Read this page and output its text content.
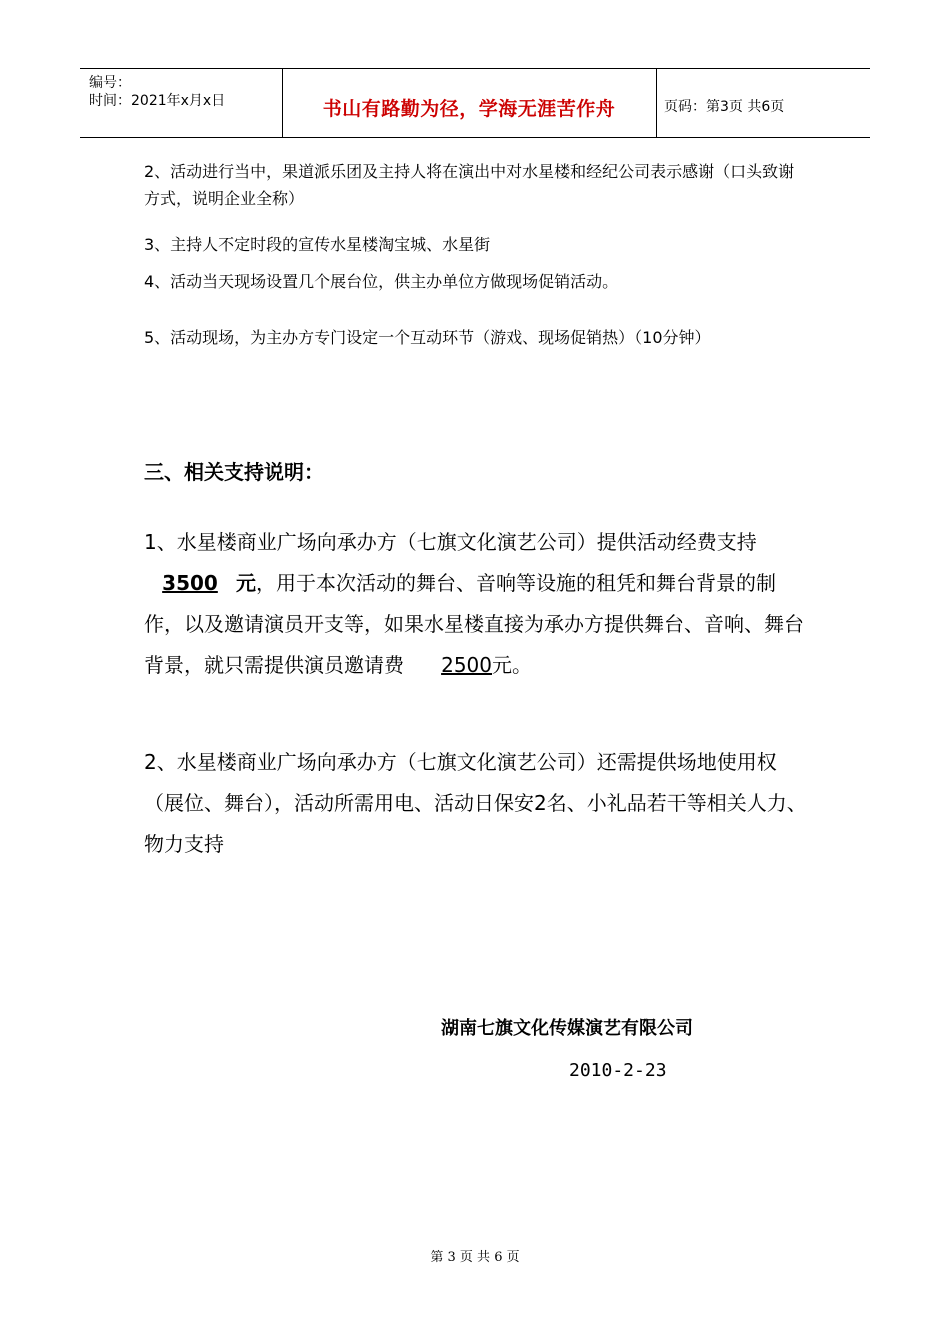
编号：
时间：2021年x月x日	书山有路勤为径，学海无涯苦作舟	页码：第3页 共6页

2、活动进行当中，果道派乐团及主持人将在演出中对水星楼和经纪公司表示感谢（口头致谢方式，说明企业全称）

3、主持人不定时段的宣传水星楼淘宝城、水星街

4、活动当天现场设置几个展台位，供主办单位方做现场促销活动。

5、活动现场，为主办方专门设定一个互动环节（游戏、现场促销热）（10分钟）

三、相关支持说明：

1、水星楼商业广场向承办方（七旗文化演艺公司）提供活动经费支持3500 元，用于本次活动的舞台、音响等设施的租凭和舞台背景的制作，以及邀请演员开支等，如果水星楼直接为承办方提供舞台、音响、舞台背景，就只需提供演员邀请费 2500元。

2、水星楼商业广场向承办方（七旗文化演艺公司）还需提供场地使用权（展位、舞台），活动所需用电、活动日保安2名、小礼品若干等相关人力、物力支持

湖南七旗文化传媒演艺有限公司
2010-2-23
第 3 页 共 6 页
